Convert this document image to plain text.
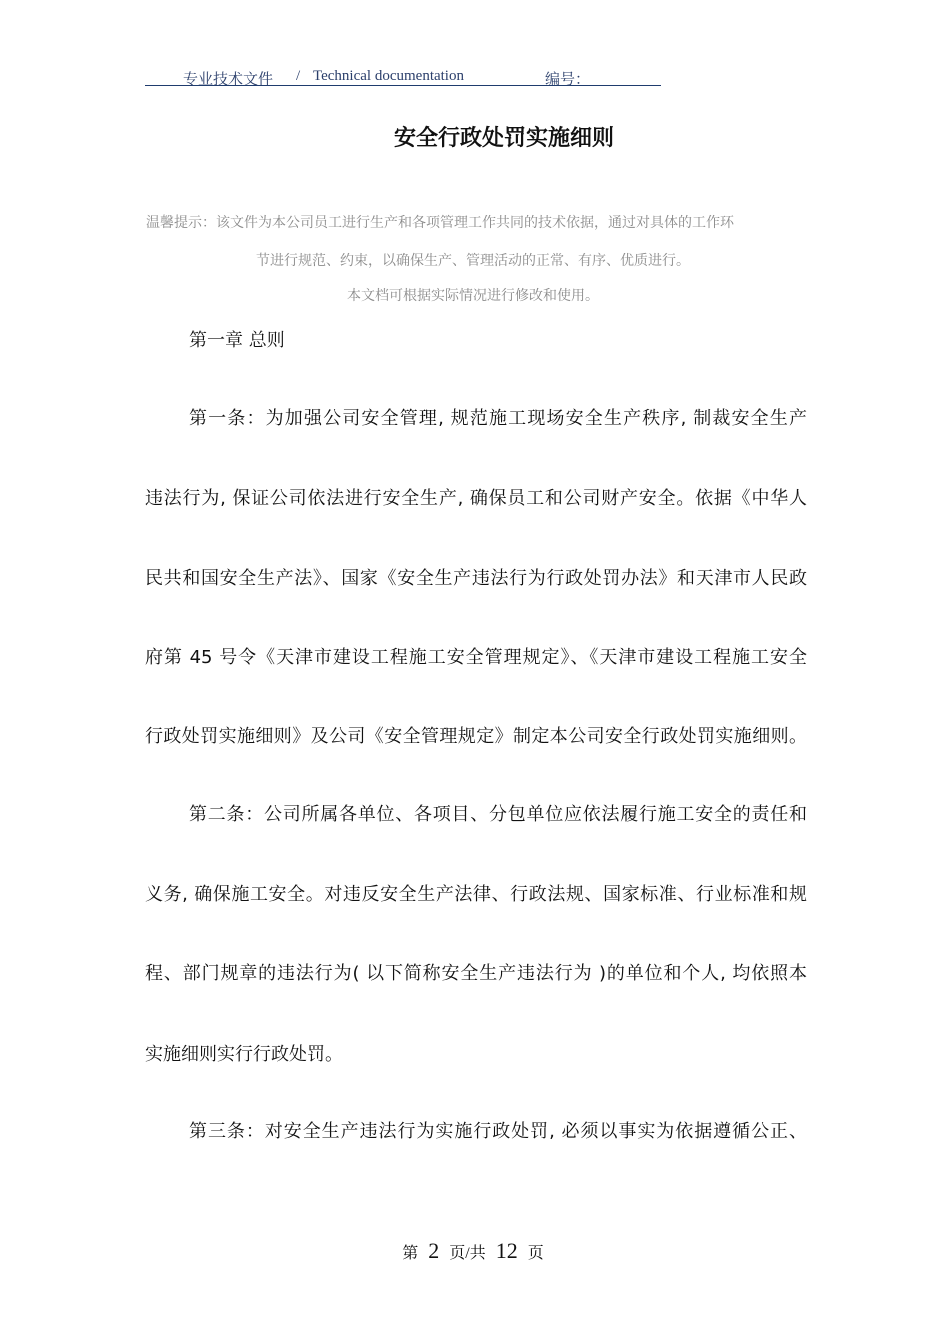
专业技术文件 / Technical documentation	编号：
安全行政处罚实施细则
温馨提示：该文件为本公司员工进行生产和各项管理工作共同的技术依据，通过对具体的工作环
节进行规范、约束，以确保生产、管理活动的正常、有序、优质进行。
本文档可根据实际情况进行修改和使用。
第一章 总则
第一条：为加强公司安全管理, 规范施工现场安全生产秩序, 制裁安全生产
违法行为, 保证公司依法进行安全生产, 确保员工和公司财产安全。依据《中华人
民共和国安全生产法》、国家《安全生产违法行为行政处罚办法》和天津市人民政
府第 45 号令《天津市建设工程施工安全管理规定》、《天津市建设工程施工安全
行政处罚实施细则》及公司《安全管理规定》制定本公司安全行政处罚实施细则。
第二条：公司所属各单位、各项目、分包单位应依法履行施工安全的责任和
义务, 确保施工安全。对违反安全生产法律、行政法规、国家标准、行业标准和规
程、部门规章的违法行为( 以下简称安全生产违法行为 )的单位和个人, 均依照本
实施细则实行行政处罚。
第三条：对安全生产违法行为实施行政处罚, 必须以事实为依据遵循公正、
第 2 页/共 12 页
